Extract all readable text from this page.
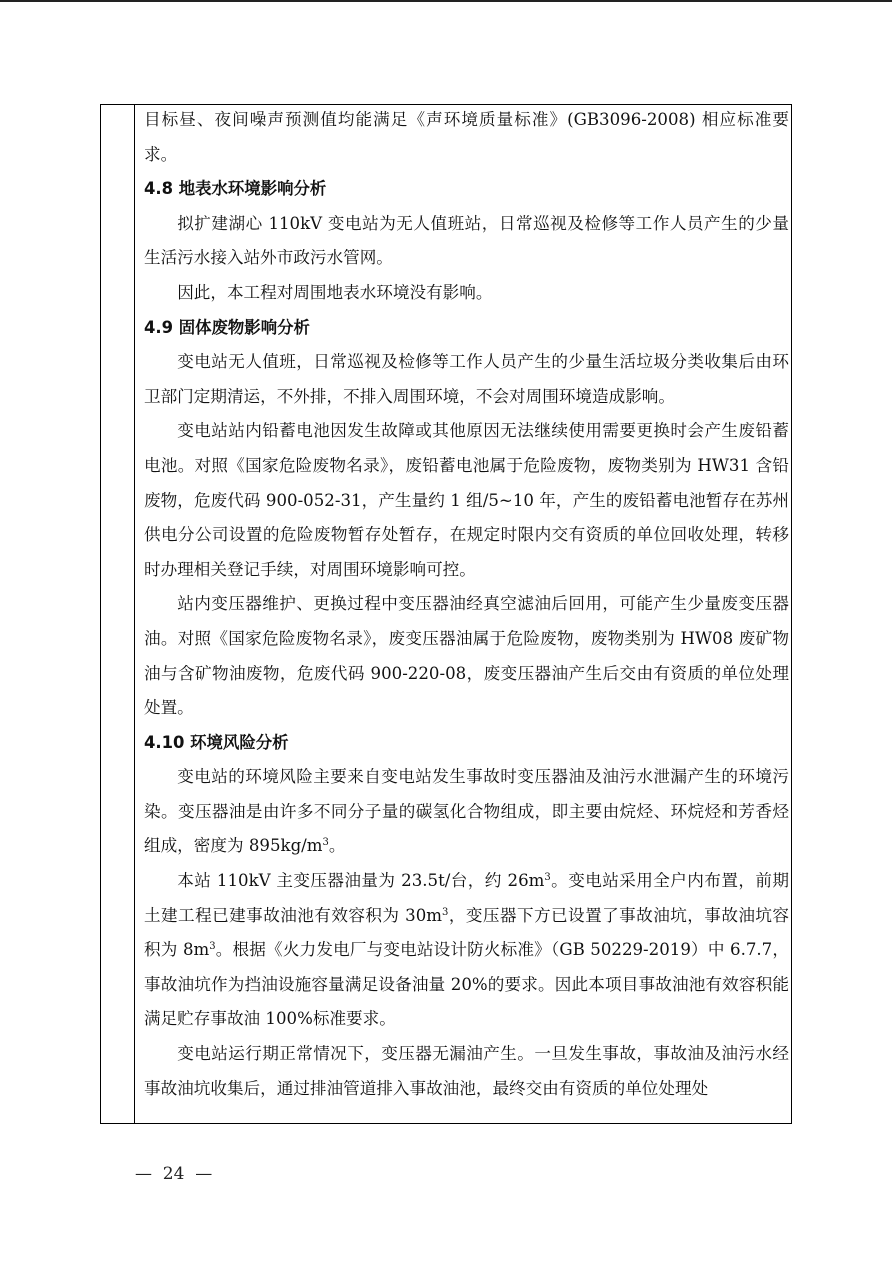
目标昼、夜间噪声预测值均能满足《声环境质量标准》(GB3096-2008) 相应标准要求。

4.8 地表水环境影响分析

拟扩建湖心 110kV 变电站为无人值班站，日常巡视及检修等工作人员产生的少量生活污水接入站外市政污水管网。

因此，本工程对周围地表水环境没有影响。

4.9 固体废物影响分析

变电站无人值班，日常巡视及检修等工作人员产生的少量生活垃圾分类收集后由环卫部门定期清运，不外排，不排入周围环境，不会对周围环境造成影响。

变电站站内铅蓄电池因发生故障或其他原因无法继续使用需要更换时会产生废铅蓄电池。对照《国家危险废物名录》，废铅蓄电池属于危险废物，废物类别为 HW31 含铅废物，危废代码 900-052-31，产生量约 1 组/5~10 年，产生的废铅蓄电池暂存在苏州供电分公司设置的危险废物暂存处暂存，在规定时限内交有资质的单位回收处理，转移时办理相关登记手续，对周围环境影响可控。

站内变压器维护、更换过程中变压器油经真空滤油后回用，可能产生少量废变压器油。对照《国家危险废物名录》，废变压器油属于危险废物，废物类别为 HW08 废矿物油与含矿物油废物，危废代码 900-220-08，废变压器油产生后交由有资质的单位处理处置。

4.10 环境风险分析

变电站的环境风险主要来自变电站发生事故时变压器油及油污水泄漏产生的环境污染。变压器油是由许多不同分子量的碳氢化合物组成，即主要由烷烃、环烷烃和芳香烃组成，密度为 $895kg/m^3$。

本站 110kV 主变压器油量为 23.5t/台，约 $26m^3$。变电站采用全户内布置，前期土建工程已建事故油池有效容积为 $30m^3$，变压器下方已设置了事故油坑，事故油坑容积为 $8m^3$。根据《火力发电厂与变电站设计防火标准》（GB 50229-2019）中 6.7.7，事故油坑作为挡油设施容量满足设备油量 20%的要求。因此本项目事故油池有效容积能满足贮存事故油 100%标准要求。

变电站运行期正常情况下，变压器无漏油产生。一旦发生事故，事故油及油污水经事故油坑收集后，通过排油管道排入事故油池，最终交由有资质的单位处理处

—  24  —
